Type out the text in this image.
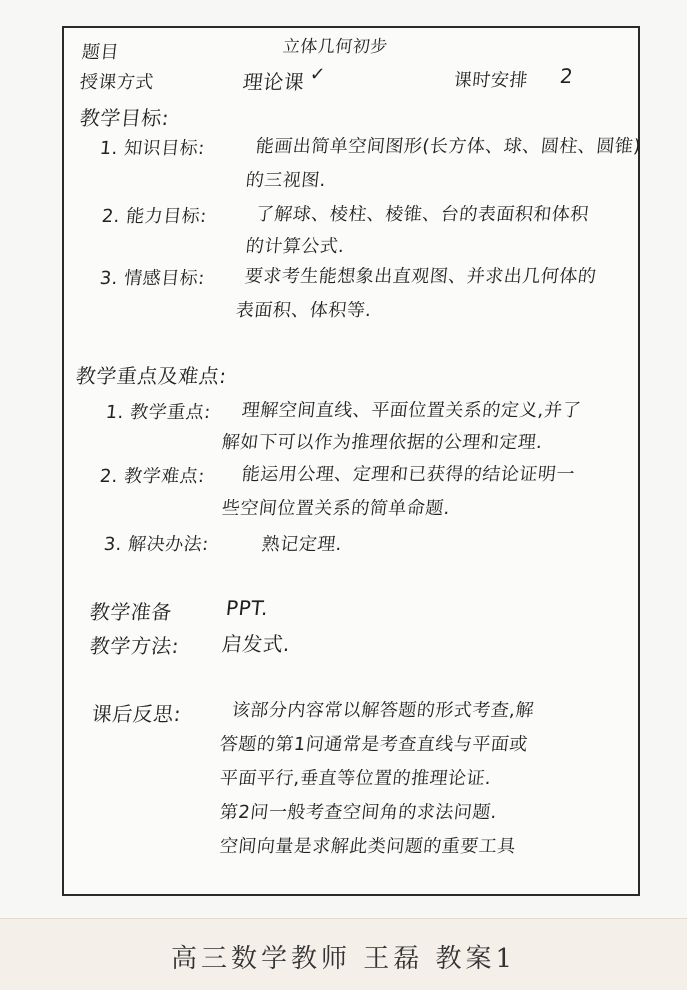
题目	立体几何初步
授课方式	理论课 ✓	课时安排 2
教学目标:
1. 知识目标:	能画出简单空间图形(长方体、球、圆柱、圆锥)
的三视图.
2. 能力目标:	了解球、棱柱、棱锥、台的表面积和体积
的计算公式.
3. 情感目标: 要求考生能想象出直观图、并求出几何体的
表面积、体积等.
教学重点及难点:
1. 教学重点: 理解空间直线、平面位置关系的定义,并了
解如下可以作为推理依据的公理和定理.
2. 教学难点: 能运用公理、定理和已获得的结论证明一
些空间位置关系的简单命题.
3. 解决办法:	熟记定理.
教学准备	PPT.
教学方法: 启发式.
课后反思:	该部分内容常以解答题的形式考查,解
答题的第1问通常是考查直线与平面或
平面平行,垂直等位置的推理论证.
第2问一般考查空间角的求法问题.
空间向量是求解此类问题的重要工具
高三数学教师 王磊 教案1
